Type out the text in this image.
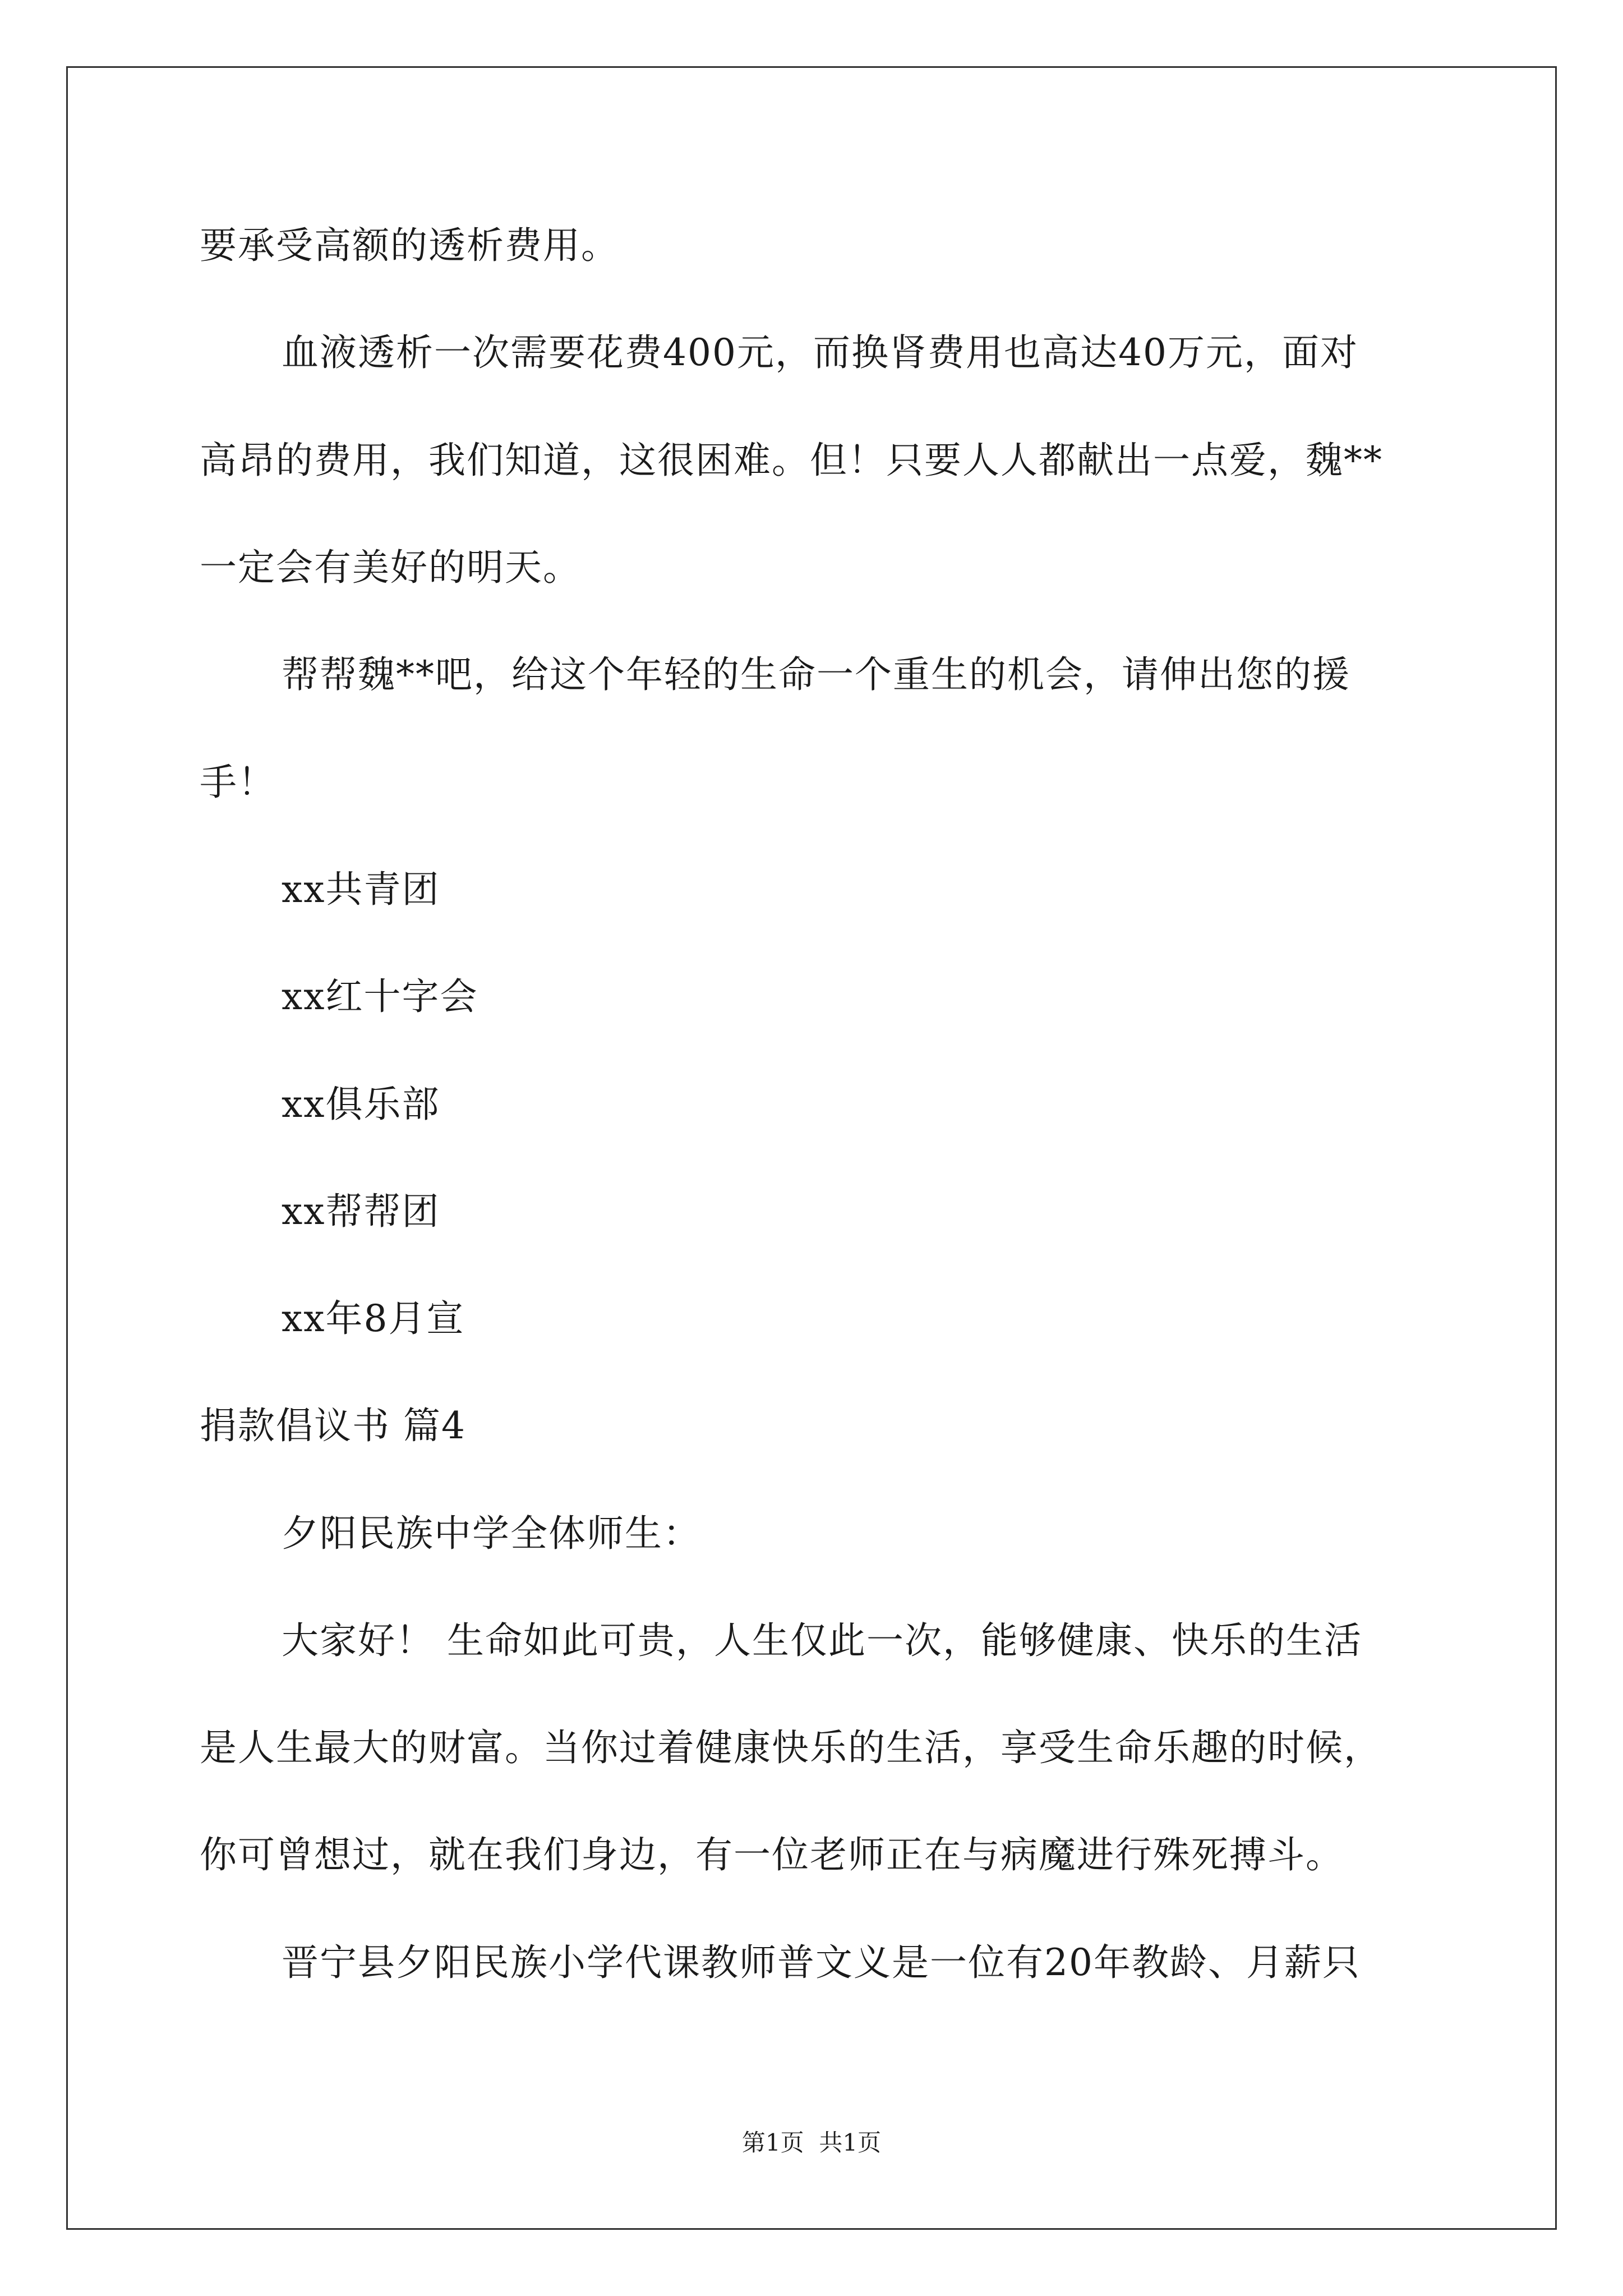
要承受高额的透析费用。
血液透析一次需要花费400元，而换肾费用也高达40万元，面对
高昂的费用，我们知道，这很困难。但！只要人人都献出一点爱，魏**
一定会有美好的明天。
帮帮魏**吧，给这个年轻的生命一个重生的机会，请伸出您的援
手！
xx共青团
xx红十字会
xx俱乐部
xx帮帮团
xx年8月宣
捐款倡议书 篇4
夕阳民族中学全体师生：
大家好！ 生命如此可贵，人生仅此一次，能够健康、快乐的生活
是人生最大的财富。当你过着健康快乐的生活，享受生命乐趣的时候，
你可曾想过，就在我们身边，有一位老师正在与病魔进行殊死搏斗。
晋宁县夕阳民族小学代课教师普文义是一位有20年教龄、月薪只
第1页  共1页
